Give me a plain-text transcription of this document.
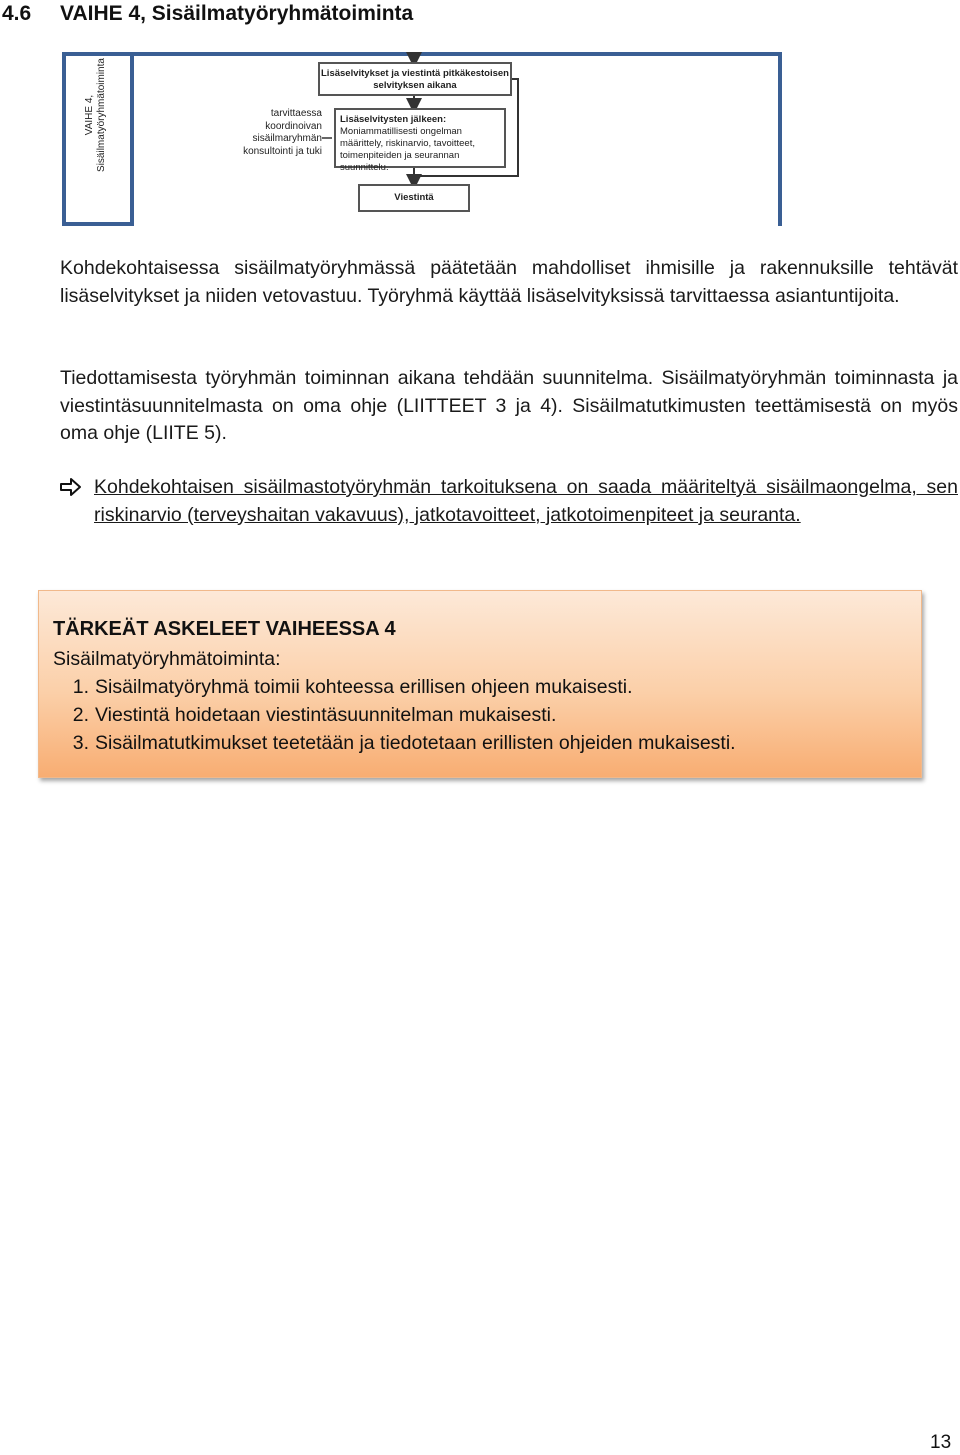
4.6 VAIHE 4, Sisäilmatyöryhmätoiminta
VAIHE 4, Sisäilmatyöryhmätoiminta	tarvittaessa koordinoivan sisäilmaryhmän konsultointi ja tuki
Lisäselvitykset ja viestintä pitkäkestoisen selvityksen aikana
Lisäselvitysten jälkeen:
Moniammatillisesti ongelman määrittely, riskinarvio, tavoitteet, toimenpiteiden ja seurannan suunnittelu.
Viestintä

Kohdekohtaisessa sisäilmatyöryhmässä päätetään mahdolliset ihmisille ja rakennuksille tehtävät lisäselvitykset ja niiden vetovastuu. Työryhmä käyttää lisäselvityksissä tarvittaessa asiantuntijoita.

Tiedottamisesta työryhmän toiminnan aikana tehdään suunnitelma. Sisäilmatyöryhmän toiminnasta ja viestintäsuunnitelmasta on oma ohje (LIITTEET 3 ja 4). Sisäilmatutkimusten teettämisestä on myös oma ohje (LIITE 5).

Kohdekohtaisen sisäilmastotyöryhmän tarkoituksena on saada määriteltyä sisäilmaongelma, sen riskinarvio (terveyshaitan vakavuus), jatkotavoitteet, jatkotoimenpiteet ja seuranta.

TÄRKEÄT ASKELEET VAIHEESSA 4
Sisäilmatyöryhmätoiminta:
1. Sisäilmatyöryhmä toimii kohteessa erillisen ohjeen mukaisesti.
2. Viestintä hoidetaan viestintäsuunnitelman mukaisesti.
3. Sisäilmatutkimukset teetetään ja tiedotetaan erillisten ohjeiden mukaisesti.
13
